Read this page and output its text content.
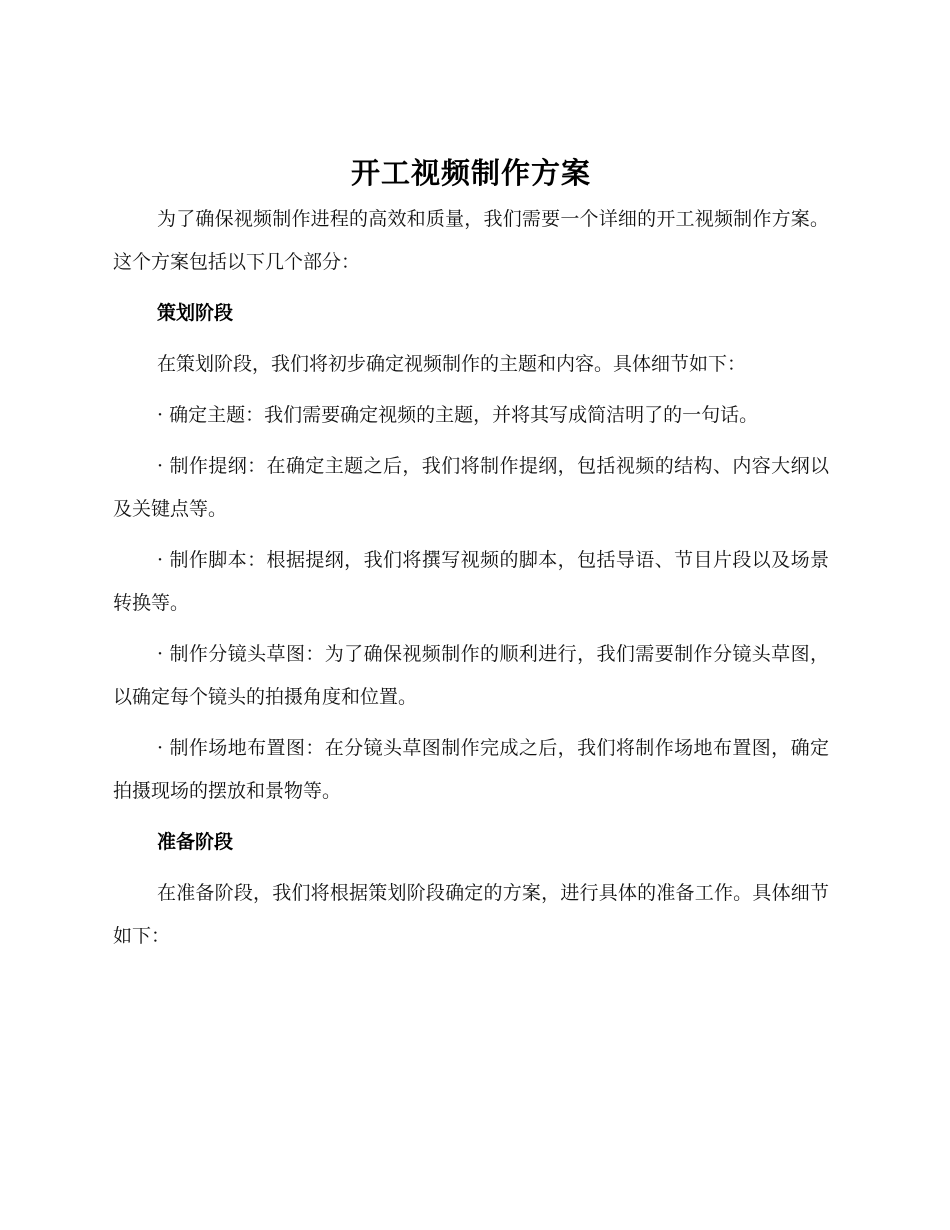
开工视频制作方案

为了确保视频制作进程的高效和质量，我们需要一个详细的开工视频制作方案。这个方案包括以下几个部分：

策划阶段

在策划阶段，我们将初步确定视频制作的主题和内容。具体细节如下：

· 确定主题：我们需要确定视频的主题，并将其写成简洁明了的一句话。

· 制作提纲：在确定主题之后，我们将制作提纲，包括视频的结构、内容大纲以及关键点等。

· 制作脚本：根据提纲，我们将撰写视频的脚本，包括导语、节目片段以及场景转换等。

· 制作分镜头草图：为了确保视频制作的顺利进行，我们需要制作分镜头草图，以确定每个镜头的拍摄角度和位置。

· 制作场地布置图：在分镜头草图制作完成之后，我们将制作场地布置图，确定拍摄现场的摆放和景物等。

准备阶段

在准备阶段，我们将根据策划阶段确定的方案，进行具体的准备工作。具体细节如下：
